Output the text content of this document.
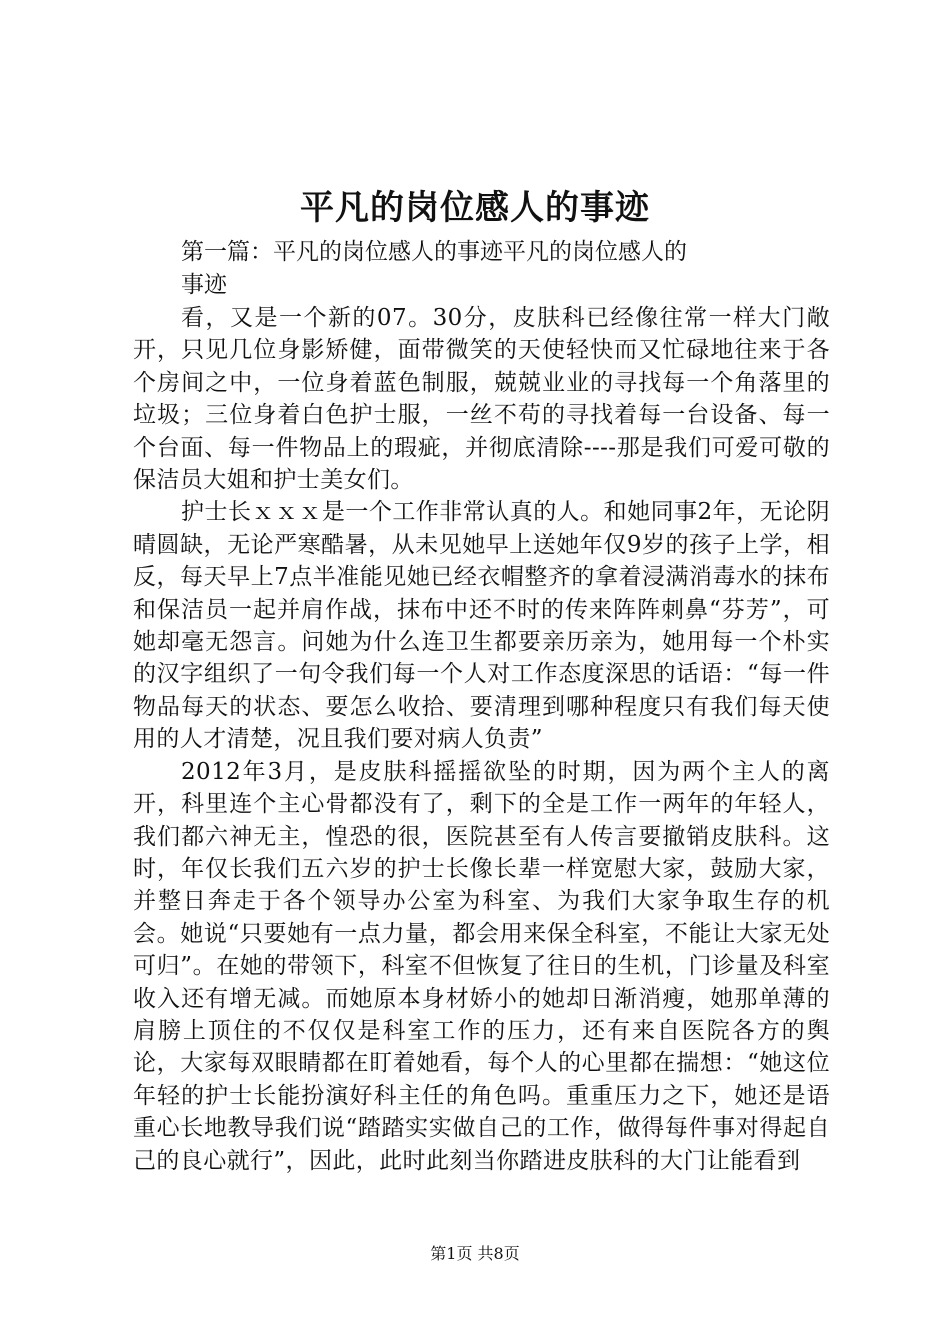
平凡的岗位感人的事迹

第一篇：平凡的岗位感人的事迹平凡的岗位感人的事迹

看，又是一个新的07。30分，皮肤科已经像往常一样大门敞开，只见几位身影矫健，面带微笑的天使轻快而又忙碌地往来于各个房间之中，一位身着蓝色制服，兢兢业业的寻找每一个角落里的垃圾；三位身着白色护士服，一丝不苟的寻找着每一台设备、每一个台面、每一件物品上的瑕疵，并彻底清除----那是我们可爱可敬的保洁员大姐和护士美女们。

护士长ｘｘｘ是一个工作非常认真的人。和她同事2年，无论阴晴圆缺，无论严寒酷暑，从未见她早上送她年仅9岁的孩子上学，相反，每天早上7点半准能见她已经衣帽整齐的拿着浸满消毒水的抹布和保洁员一起并肩作战，抹布中还不时的传来阵阵刺鼻“芬芳”，可她却毫无怨言。问她为什么连卫生都要亲历亲为，她用每一个朴实的汉字组织了一句令我们每一个人对工作态度深思的话语：“每一件物品每天的状态、要怎么收拾、要清理到哪种程度只有我们每天使用的人才清楚，况且我们要对病人负责”

2012年3月，是皮肤科摇摇欲坠的时期，因为两个主人的离开，科里连个主心骨都没有了，剩下的全是工作一两年的年轻人，我们都六神无主，惶恐的很，医院甚至有人传言要撤销皮肤科。这时，年仅长我们五六岁的护士长像长辈一样宽慰大家，鼓励大家，并整日奔走于各个领导办公室为科室、为我们大家争取生存的机会。她说“只要她有一点力量，都会用来保全科室，不能让大家无处可归”。在她的带领下，科室不但恢复了往日的生机，门诊量及科室收入还有增无减。而她原本身材娇小的她却日渐消瘦，她那单薄的肩膀上顶住的不仅仅是科室工作的压力，还有来自医院各方的舆论，大家每双眼睛都在盯着她看，每个人的心里都在揣想：“她这位年轻的护士长能扮演好科主任的角色吗。重重压力之下，她还是语重心长地教导我们说“踏踏实实做自己的工作，做得每件事对得起自己的良心就行”，因此，此时此刻当你踏进皮肤科的大门让能看到

第1页 共8页
